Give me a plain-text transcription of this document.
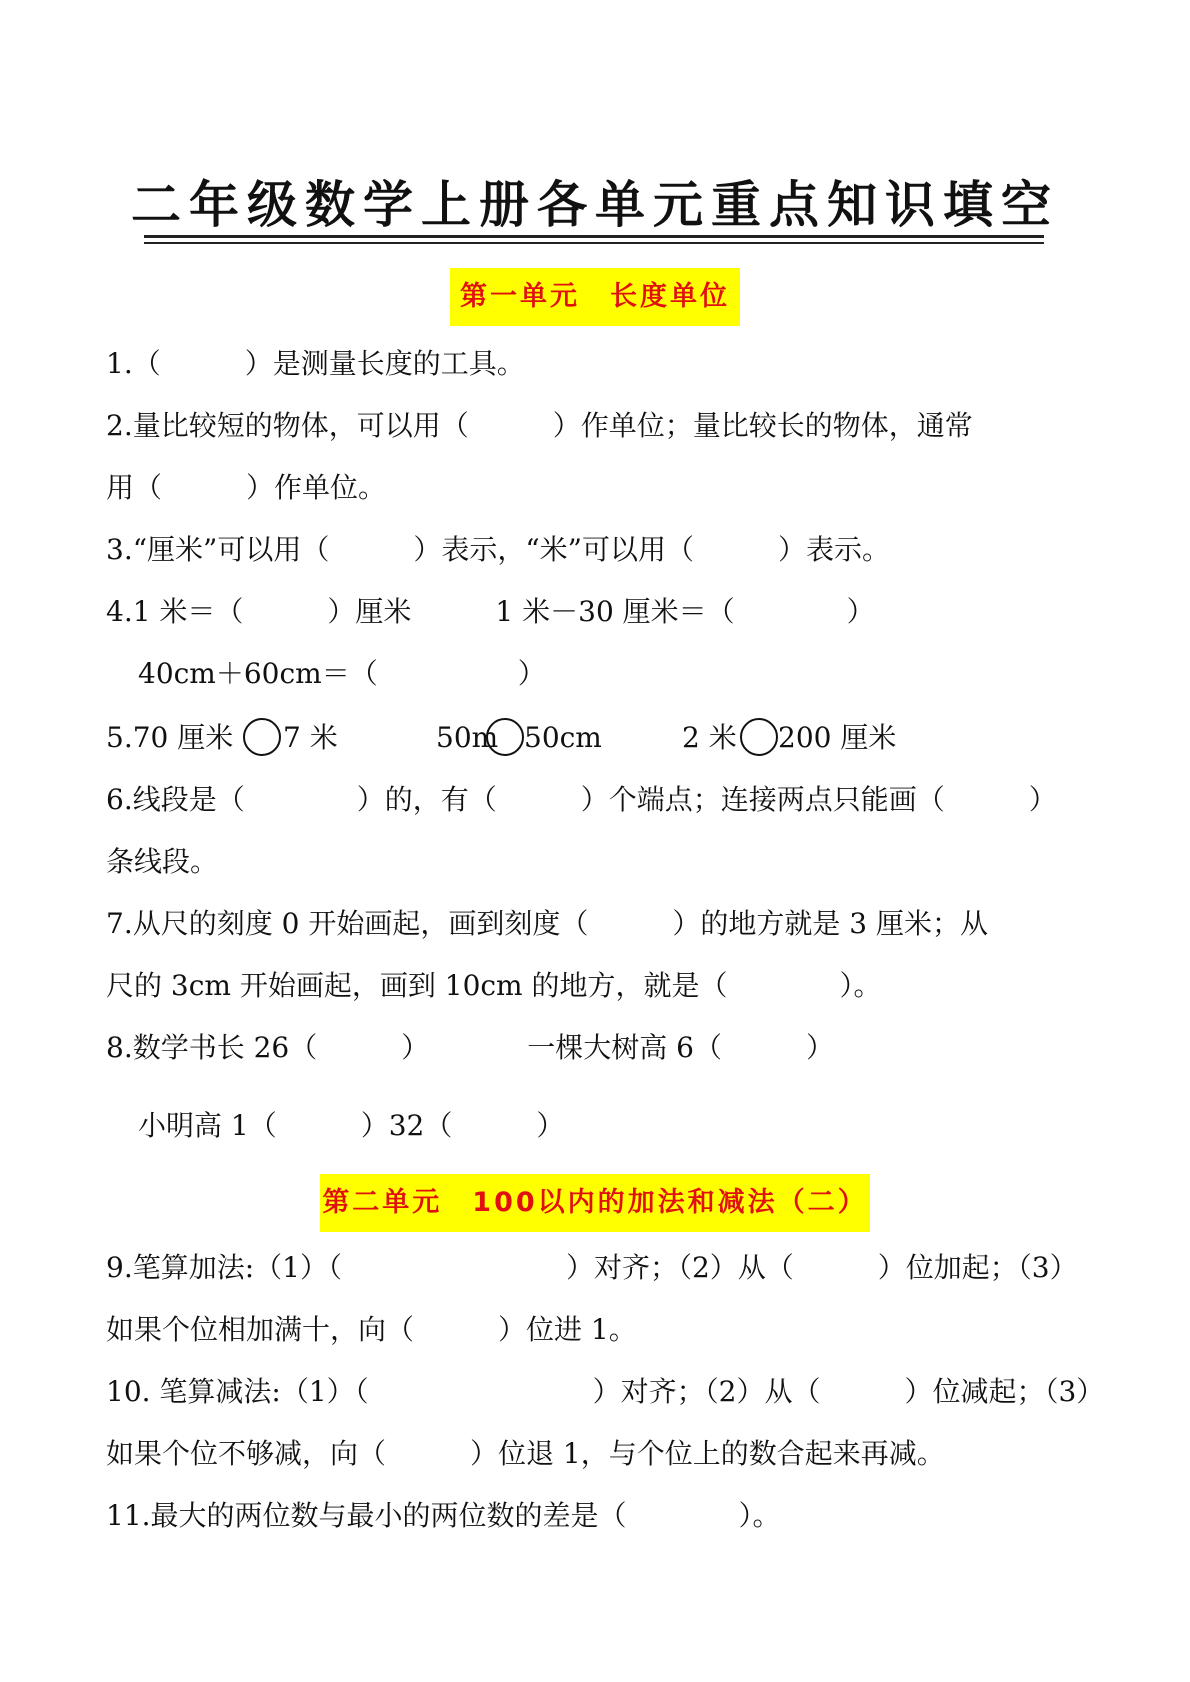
二年级数学上册各单元重点知识填空
第一单元　长度单位
1.（　　　）是测量长度的工具。
2.量比较短的物体，可以用（　　　）作单位；量比较长的物体，通常
用（　　　）作单位。
3.“厘米”可以用（　　　）表示，“米”可以用（　　　）表示。
4.1 米＝（　　　）厘米　　　1 米－30 厘米＝（　　　　）
40cm＋60cm＝（　　　　　）
5.70 厘米 7 米	50m 50cm	2 米 200 厘米
6.线段是（　　　　）的，有（　　　）个端点；连接两点只能画（　　　）
条线段。
7.从尺的刻度 0 开始画起，画到刻度（　　　）的地方就是 3 厘米；从
尺的 3cm 开始画起，画到 10cm 的地方，就是（　　　　）。
8.数学书长 26（　　　）　　　　一棵大树高 6（　　　）
小明高 1（　　　）32（　　　）
第二单元　100以内的加法和减法（二）
9.笔算加法:（1）（　　　　　　　　）对齐；（2）从（　　　）位加起；（3）
如果个位相加满十，向（　　　）位进 1。
10. 笔算减法:（1）（　　　　　　　　）对齐；（2）从（　　　）位减起；（3）
如果个位不够减，向（　　　）位退 1，与个位上的数合起来再减。
11.最大的两位数与最小的两位数的差是（　　　　）。
